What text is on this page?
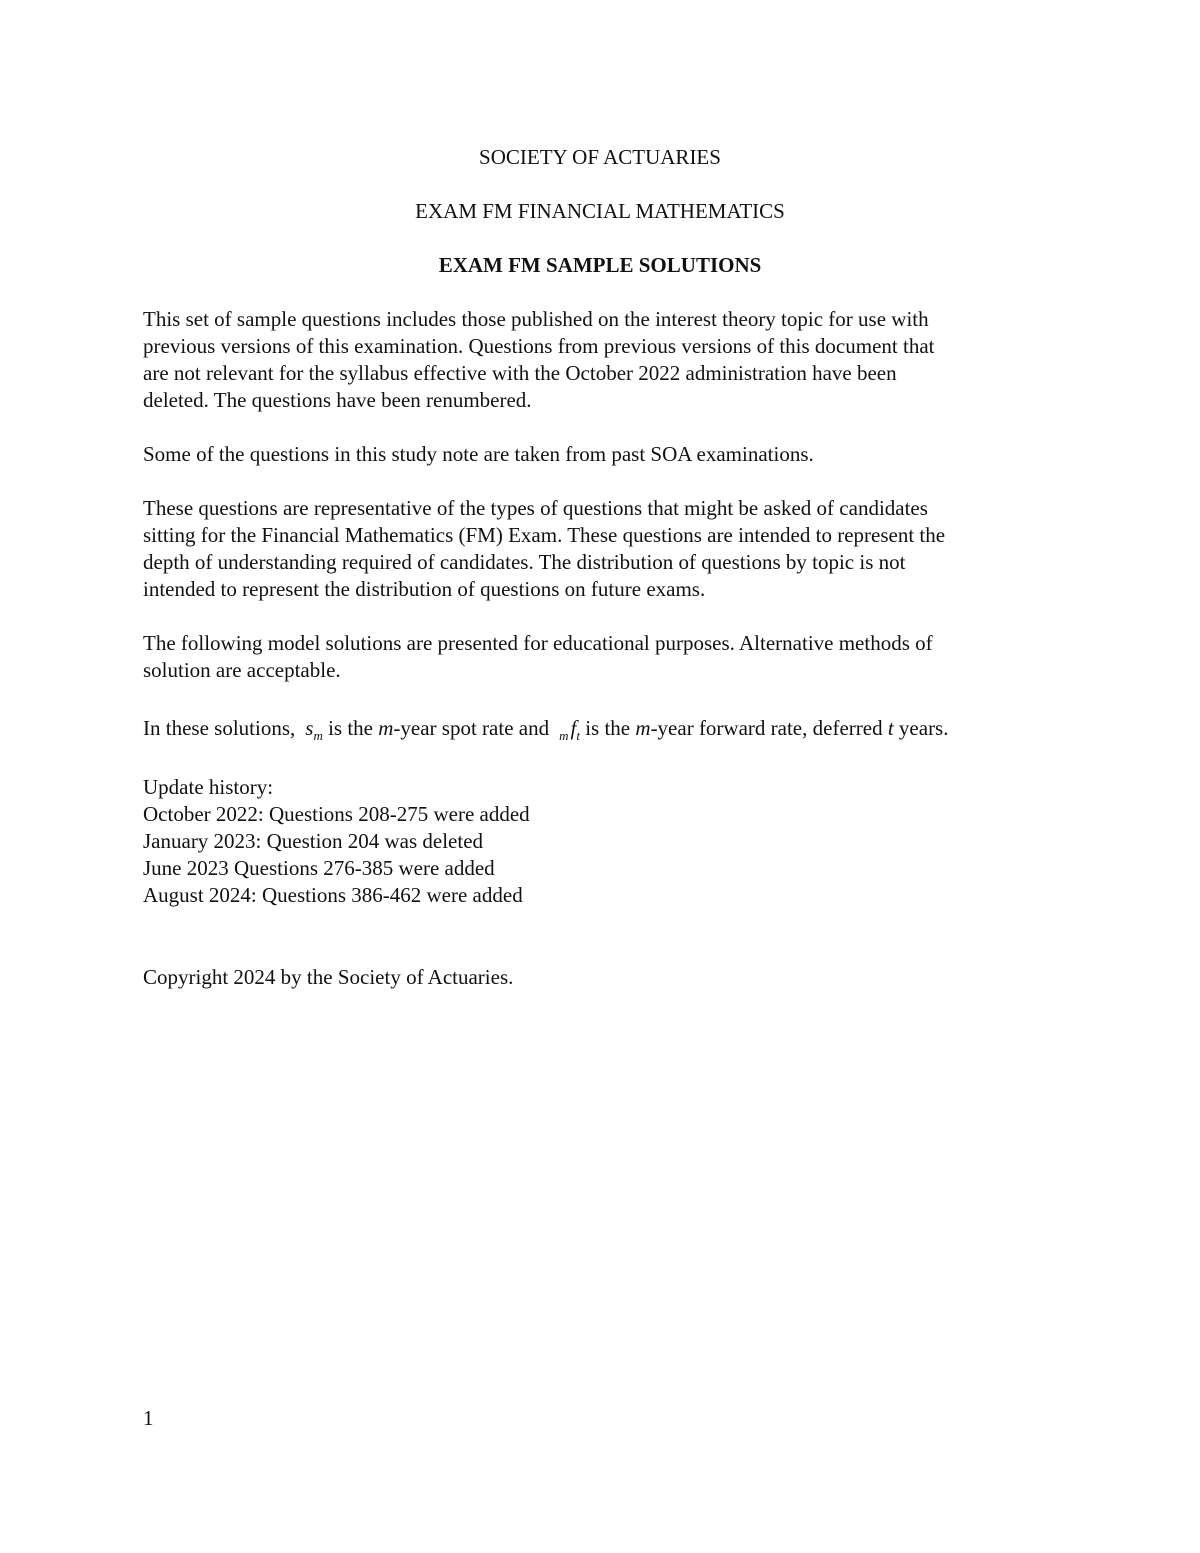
SOCIETY OF ACTUARIES
EXAM FM FINANCIAL MATHEMATICS
EXAM FM SAMPLE SOLUTIONS
This set of sample questions includes those published on the interest theory topic for use with
previous versions of this examination. Questions from previous versions of this document that
are not relevant for the syllabus effective with the October 2022 administration have been
deleted. The questions have been renumbered.
Some of the questions in this study note are taken from past SOA examinations.
These questions are representative of the types of questions that might be asked of candidates
sitting for the Financial Mathematics (FM) Exam. These questions are intended to represent the
depth of understanding required of candidates. The distribution of questions by topic is not
intended to represent the distribution of questions on future exams.
The following model solutions are presented for educational purposes. Alternative methods of
solution are acceptable.
In these solutions, $s_m$ is the m-year spot rate and $_mf_t$ is the m-year forward rate, deferred t years.
Update history:
October 2022: Questions 208-275 were added
January 2023: Question 204 was deleted
June 2023 Questions 276-385 were added
August 2024: Questions 386-462 were added
Copyright 2024 by the Society of Actuaries.
1
